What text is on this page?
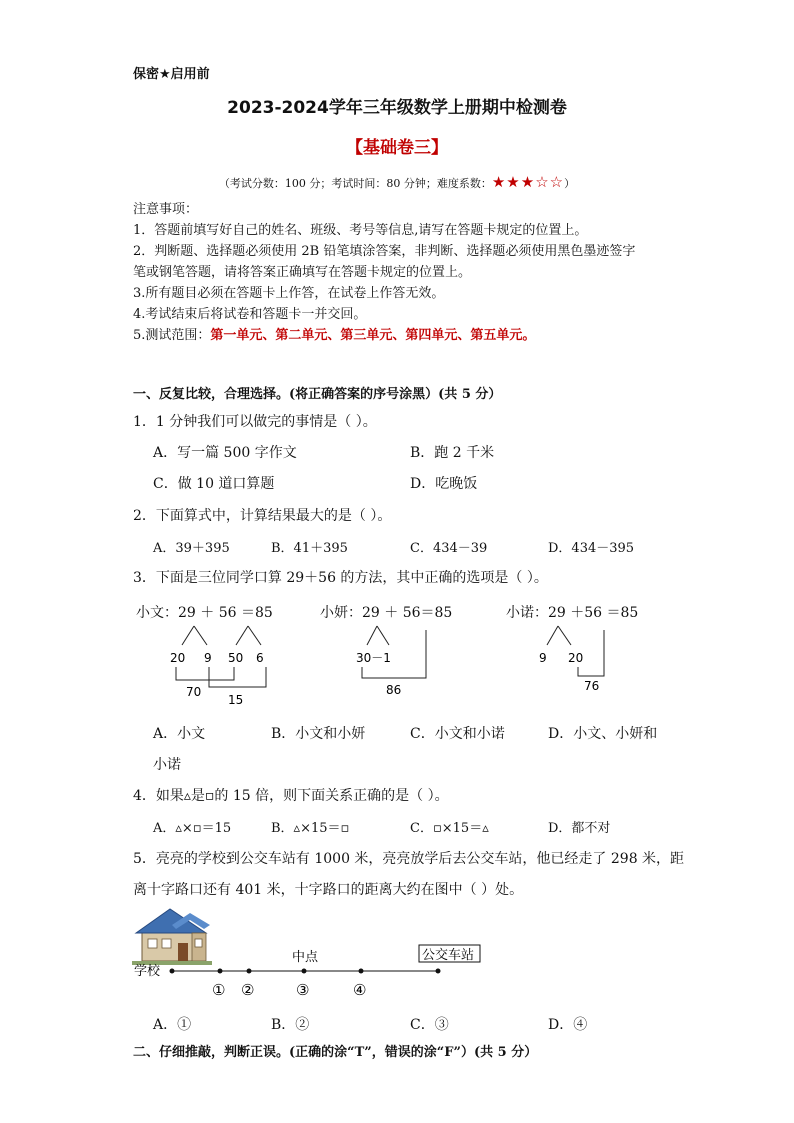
保密★启用前
2023-2024学年三年级数学上册期中检测卷
【基础卷三】
（考试分数：100 分；考试时间：80 分钟；难度系数：★★★☆☆）
注意事项：
1．答题前填写好自己的姓名、班级、考号等信息,请写在答题卡规定的位置上。
2．判断题、选择题必须使用 2B 铅笔填涂答案，非判断、选择题必须使用黑色墨迹签字
笔或钢笔答题，请将答案正确填写在答题卡规定的位置上。
3.所有题目必须在答题卡上作答，在试卷上作答无效。
4.考试结束后将试卷和答题卡一并交回。
5.测试范围：第一单元、第二单元、第三单元、第四单元、第五单元。
一、反复比较，合理选择。(将正确答案的序号涂黑）(共 5 分）
1．1 分钟我们可以做完的事情是（ ）。
A．写一篇 500 字作文	B．跑 2 千米
C．做 10 道口算题	D．吃晚饭
2．下面算式中，计算结果最大的是（ ）。
A．39＋395	B．41＋395	C．434－39	D．434－395
3．下面是三位同学口算 29＋56 的方法，其中正确的选项是（ ）。
小文：29 ＋ 56 ＝85
20 9 50 6
70
15
小妍：29 ＋ 56＝85
30－1
86
小诺：29 ＋56 ＝85
9 20
76
A．小文	B．小文和小妍	C．小文和小诺	D．小文、小妍和
小诺
4．如果▵是▫的 15 倍，则下面关系正确的是（ ）。
A．▵×▫＝15	B．▵×15＝▫	C．▫×15＝▵	D．都不对
5．亮亮的学校到公交车站有 1000 米，亮亮放学后去公交车站，他已经走了 298 米，距
离十字路口还有 401 米，十字路口的距离大约在图中（ ）处。
学校
中点	公交车站
① ②	③	④
A．①	B．②	C．③	D．④
二、仔细推敲，判断正误。(正确的涂“T”，错误的涂“F”）(共 5 分）
